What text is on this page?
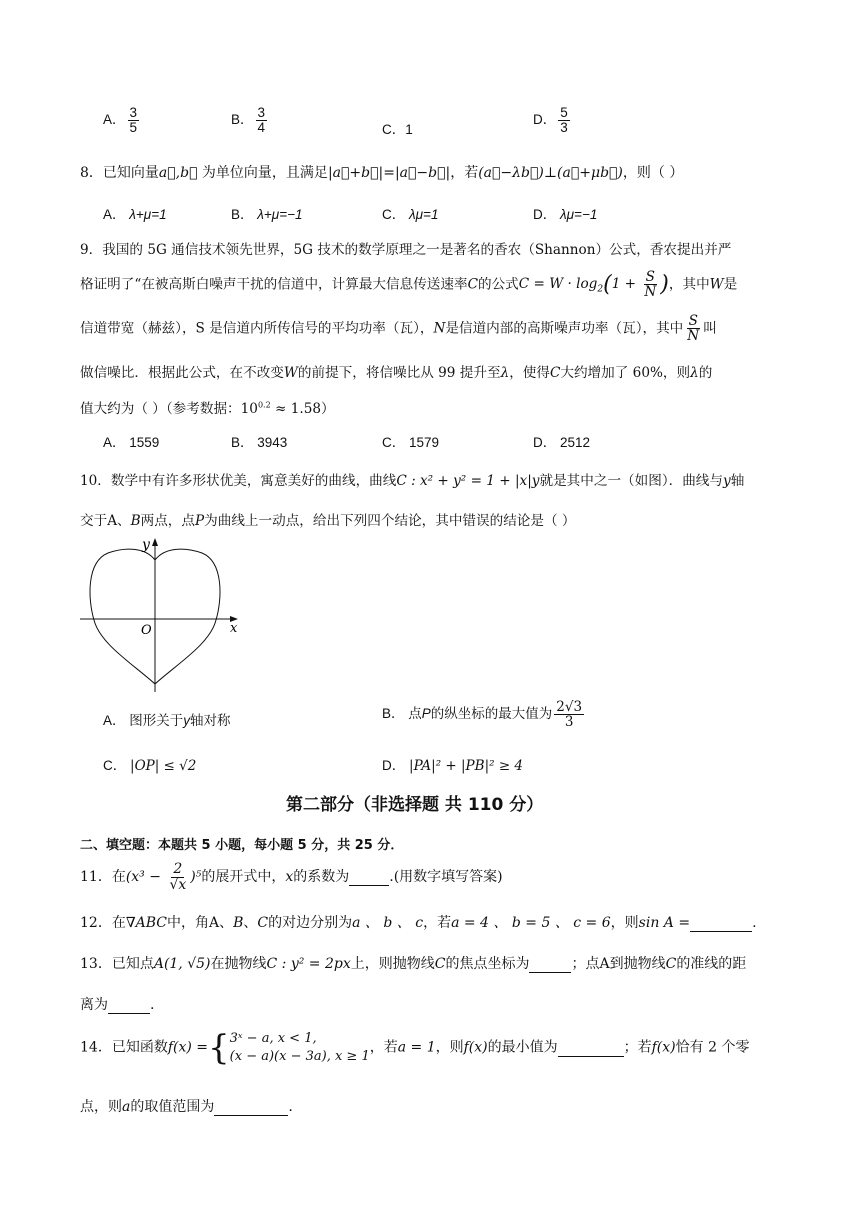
A． $\frac{3}{5}$	B． $\frac{3}{4}$	C．1
D． $\frac{5}{3}$
8．已知向量a⃗,b⃗ 为单位向量，且满足|a⃗+b⃗|=|a⃗−b⃗|，若(a⃗−λb⃗)⊥(a⃗+μb⃗)，则（ ）
A． λ+μ=1	B． λ+μ=−1	C． λμ=1	D． λμ=−1
9．我国的 5G 通信技术领先世界，5G 技术的数学原理之一是著名的香农（Shannon）公式，香农提出并严
格证明了“在被高斯白噪声干扰的信道中，计算最大信息传送速率C的公式$C = W \cdot \log_2(1 + \frac{S}{N}$ )，其中W是
信道带宽（赫兹），S 是信道内所传信号的平均功率（瓦），N是信道内部的高斯噪声功率（瓦），其中 $\frac{S}{N}$ 叫
做信噪比．根据此公式，在不改变W的前提下，将信噪比从 99 提升至λ，使得C大约增加了 60%，则λ的
值大约为（ ）（参考数据：$10^{0.2} \approx 1.58$）
A． 1559	B． 3943	C． 1579	D． 2512
10．数学中有许多形状优美，寓意美好的曲线，曲线C : x² + y² = 1 + |x|y就是其中之一（如图）．曲线与y轴
交于A、B两点，点P为曲线上一动点，给出下列四个结论，其中错误的结论是（ ）
y
x
O
A． 图形关于y轴对称	B． 点P的纵坐标的最大值为 $\frac{2√3}{3}$
C． |OP| ≤ √2	D． |PA|² + |PB|² ≥ 4
第二部分（非选择题 共 110 分）
二、填空题：本题共 5 小题，每小题 5 分，共 25 分．
11．在$(x^3 - \frac{2}{√x} )^5$的展开式中，x的系数为	.(用数字填写答案)
12．在∇ABC中，角A、B、C的对边分别为a 、 b 、 c，若a = 4 、 b = 5 、 c = 6，则sin A =	.
13．已知点A(1, √5)在抛物线C : y² = 2px上，则抛物线C的焦点坐标为	；点A到抛物线C的准线的距
离为	.
14．已知函数f(x) = { 3ˣ − a, x < 1,
(x − a)(x − 3a), x ≥ 1
，若a = 1，则f(x)的最小值为	；若f(x)恰有 2 个零
点，则a的取值范围为	.
